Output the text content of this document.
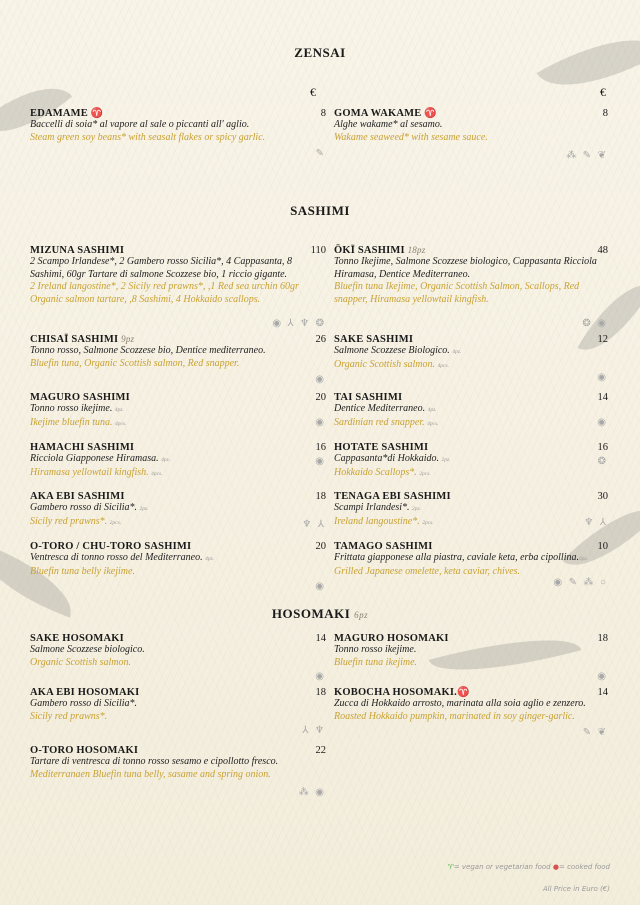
ZENSAI
€	€
EDAMAME ♈	8
Baccelli di soia* al vapore al sale o piccanti all' aglio.
Steam green soy beans* with seasalt flakes or spicy garlic.
✎
GOMA WAKAME ♈	8
Alghe wakame* al sesamo.
Wakame seaweed* with sesame sauce.
⁂ ✎ ❦
SASHIMI
MIZUNA SASHIMI	110
2 Scampo Irlandese*, 2 Gambero rosso Sicilia*, 4 Cappasanta, 8 Sashimi, 60gr Tartare di salmone Scozzese bio, 1 riccio gigante.
2 Ireland langostine*, 2 Sicily red prawns*, ,1 Red sea urchin 60gr Organic salmon tartare, ,8 Sashimi, 4 Hokkaido scallops.
◉ ⅄ ♆ ❂
ŌKĪ SASHIMI 18pz	48
Tonno Ikejime, Salmone Scozzese biologico, Cappasanta Ricciola Hiramasa, Dentice Mediterraneo.
Bluefin tuna Ikejime, Organic Scottish Salmon, Scallops, Red snapper, Hiramasa yellowtail kingfish.
❂ ◉
CHISAĪ SASHIMI 9pz	26
Tonno rosso, Salmone Scozzese bio, Dentice mediterraneo.
Bluefin tuna, Organic Scottish salmon, Red snapper.
◉
SAKE SASHIMI	12
Salmone Scozzese Biologico. 4pz.
Organic Scottish salmon. 4pcs.
◉
MAGURO SASHIMI	20
Tonno rosso ikejime. 4pz.
Ikejime bluefin tuna. 4pcs.	◉
TAI SASHIMI	14
Dentice Mediterraneo. 4pz.
Sardinian red snapper. 4pcs.	◉
HAMACHI SASHIMI	16
Ricciola Giapponese Hiramasa. 4pz.
Hiramasa yellowtail kingfish. 4pcs.
◉
HOTATE SASHIMI	16
Cappasanta*di Hokkaido. 2pz.
Hokkaido Scallops*. 2pcs.
❂
AKA EBI SASHIMI	18
Gambero rosso di Sicilia*. 2pz.
Sicily red prawns*. 2pcs.	♆ ⅄
TENAGA EBI SASHIMI	30
Scampi Irlandesi*. 2pz.
Ireland langoustine*. 2pcs.	♆ ⅄
O-TORO / CHU-TORO SASHIMI	20
Ventresca di tonno rosso del Mediterraneo. 4pz.
Bluefin tuna belly ikejime.
◉
TAMAGO SASHIMI	10
Frittata giapponese alla piastra, caviale keta, erba cipollina.6pz.
Grilled Japanese omelette, keta caviar, chives.
◉ ✎ ⁂ ○
HOSOMAKI 6pz
SAKE HOSOMAKI	14
Salmone Scozzese biologico.
Organic Scottish salmon.
◉
MAGURO HOSOMAKI	18
Tonno rosso ikejime.
Bluefin tuna ikejime.
◉
AKA EBI HOSOMAKI	18
Gambero rosso di Sicilia*.
Sicily red prawns*.
⅄ ♆
KOBOCHA HOSOMAKI.♈	14
Zucca di Hokkaido arrosto, marinata alla soia aglio e zenzero.
Roasted Hokkaido pumpkin, marinated in soy ginger-garlic.
✎ ❦
O-TORO HOSOMAKI	22
Tartare di ventresca di tonno rosso sesamo e cipollotto fresco.
Mediterranaen Bluefin tuna belly, sasame and spring onion.
⁂ ◉
♈= vegan or vegetarian food ●= cooked food
All Price in Euro (€)
